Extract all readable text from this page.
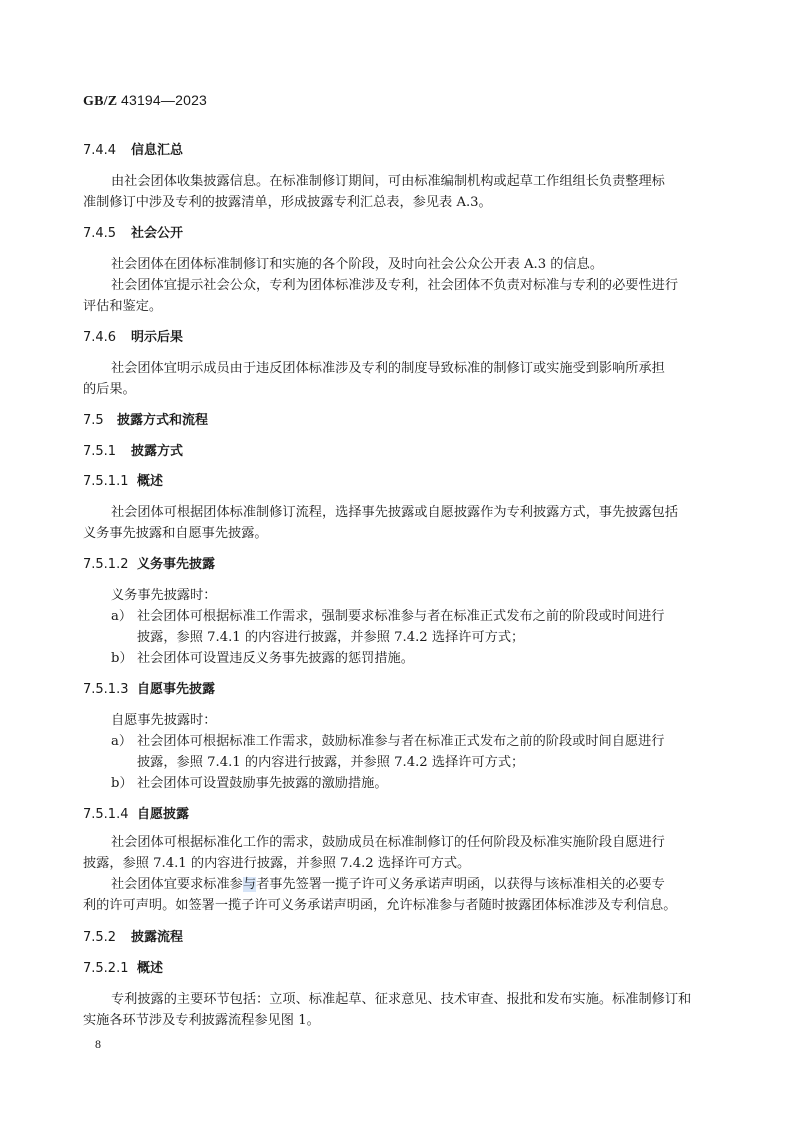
GB/Z 43194—2023
7.4.4 信息汇总
由社会团体收集披露信息。在标准制修订期间，可由标准编制机构或起草工作组组长负责整理标
准制修订中涉及专利的披露清单，形成披露专利汇总表，参见表 A.3。
7.4.5 社会公开
社会团体在团体标准制修订和实施的各个阶段，及时向社会公众公开表 A.3 的信息。
社会团体宜提示社会公众，专利为团体标准涉及专利，社会团体不负责对标准与专利的必要性进行
评估和鉴定。
7.4.6 明示后果
社会团体宜明示成员由于违反团体标准涉及专利的制度导致标准的制修订或实施受到影响所承担
的后果。
7.5 披露方式和流程
7.5.1 披露方式
7.5.1.1 概述
社会团体可根据团体标准制修订流程，选择事先披露或自愿披露作为专利披露方式，事先披露包括
义务事先披露和自愿事先披露。
7.5.1.2 义务事先披露
义务事先披露时：
a） 社会团体可根据标准工作需求，强制要求标准参与者在标准正式发布之前的阶段或时间进行
披露，参照 7.4.1 的内容进行披露，并参照 7.4.2 选择许可方式；
b） 社会团体可设置违反义务事先披露的惩罚措施。
7.5.1.3 自愿事先披露
自愿事先披露时：
a） 社会团体可根据标准工作需求，鼓励标准参与者在标准正式发布之前的阶段或时间自愿进行
披露，参照 7.4.1 的内容进行披露，并参照 7.4.2 选择许可方式；
b） 社会团体可设置鼓励事先披露的激励措施。
7.5.1.4 自愿披露
社会团体可根据标准化工作的需求，鼓励成员在标准制修订的任何阶段及标准实施阶段自愿进行
披露，参照 7.4.1 的内容进行披露，并参照 7.4.2 选择许可方式。
社会团体宜要求标准参与者事先签署一揽子许可义务承诺声明函，以获得与该标准相关的必要专
利的许可声明。如签署一揽子许可义务承诺声明函，允许标准参与者随时披露团体标准涉及专利信息。
7.5.2 披露流程
7.5.2.1 概述
专利披露的主要环节包括：立项、标准起草、征求意见、技术审查、报批和发布实施。标准制修订和
实施各环节涉及专利披露流程参见图 1。
8
